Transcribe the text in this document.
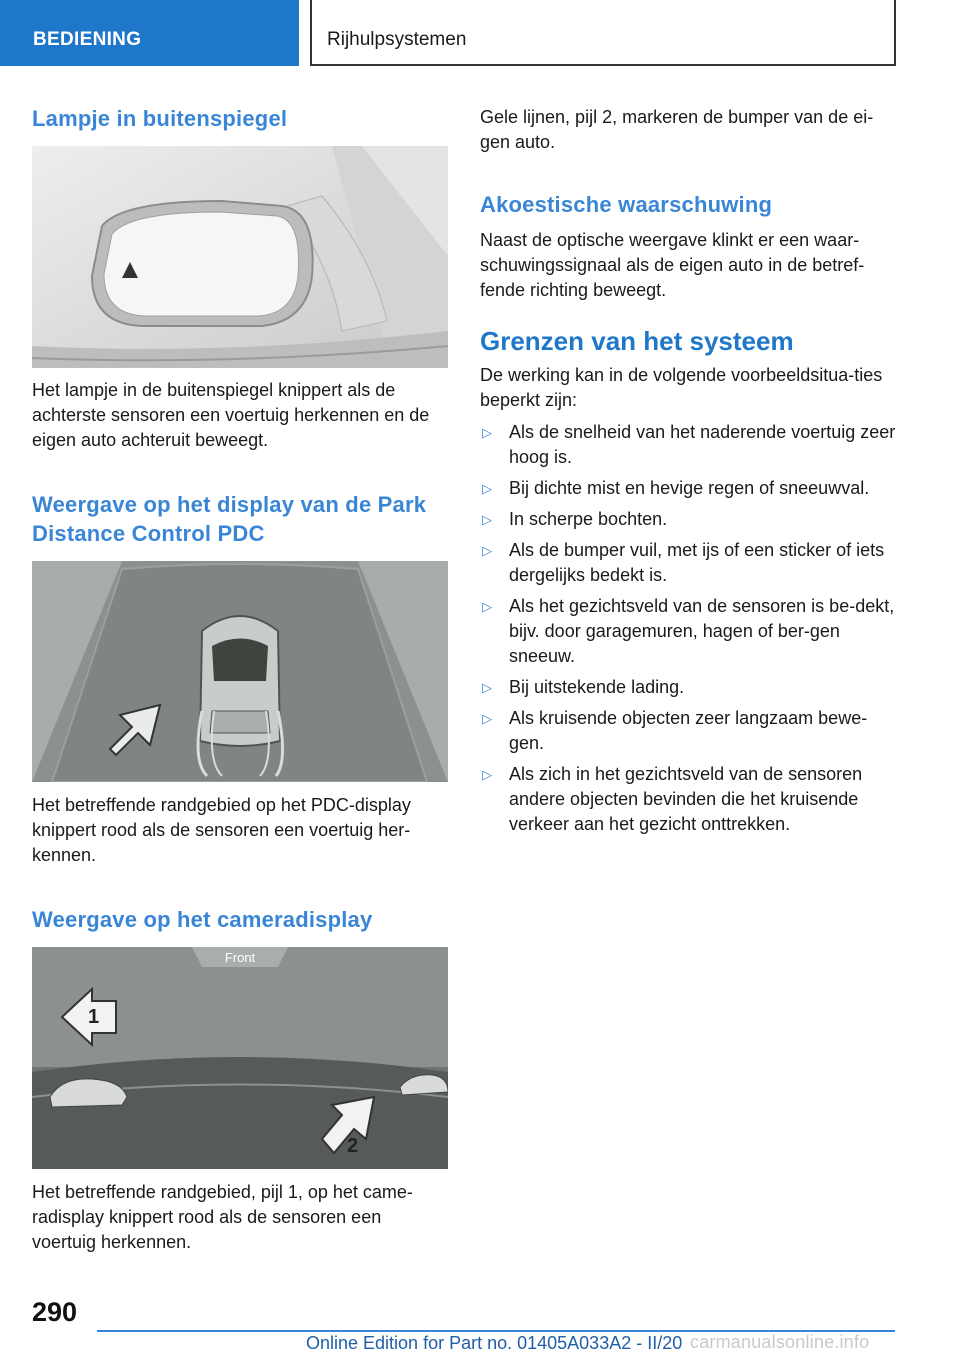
BEDIENING	Rijhulpsystemen
Lampje in buitenspiegel

Het lampje in de buitenspiegel knippert als de achterste sensoren een voertuig herkennen en de eigen auto achteruit beweegt.

Weergave op het display van de Park Distance Control PDC

Het betreffende randgebied op het PDC-display knippert rood als de sensoren een voertuig her-kennen.

Weergave op het cameradisplay
Front
1
2

Het betreffende randgebied, pijl 1, op het came-radisplay knippert rood als de sensoren een voertuig herkennen.

Gele lijnen, pijl 2, markeren de bumper van de ei-gen auto.

Akoestische waarschuwing

Naast de optische weergave klinkt er een waar-schuwingssignaal als de eigen auto in de betref-fende richting beweegt.

Grenzen van het systeem

De werking kan in de volgende voorbeeldsitua-ties beperkt zijn:

▷ Als de snelheid van het naderende voertuig zeer hoog is.
▷ Bij dichte mist en hevige regen of sneeuwval.
▷ In scherpe bochten.
▷ Als de bumper vuil, met ijs of een sticker of iets dergelijks bedekt is.
▷ Als het gezichtsveld van de sensoren is be-dekt, bijv. door garagemuren, hagen of ber-gen sneeuw.
▷ Bij uitstekende lading.
▷ Als kruisende objecten zeer langzaam bewe-gen.
▷ Als zich in het gezichtsveld van de sensoren andere objecten bevinden die het kruisende verkeer aan het gezicht onttrekken.
290
Online Edition for Part no. 01405A033A2 - II/20 carmanualsonline.info
